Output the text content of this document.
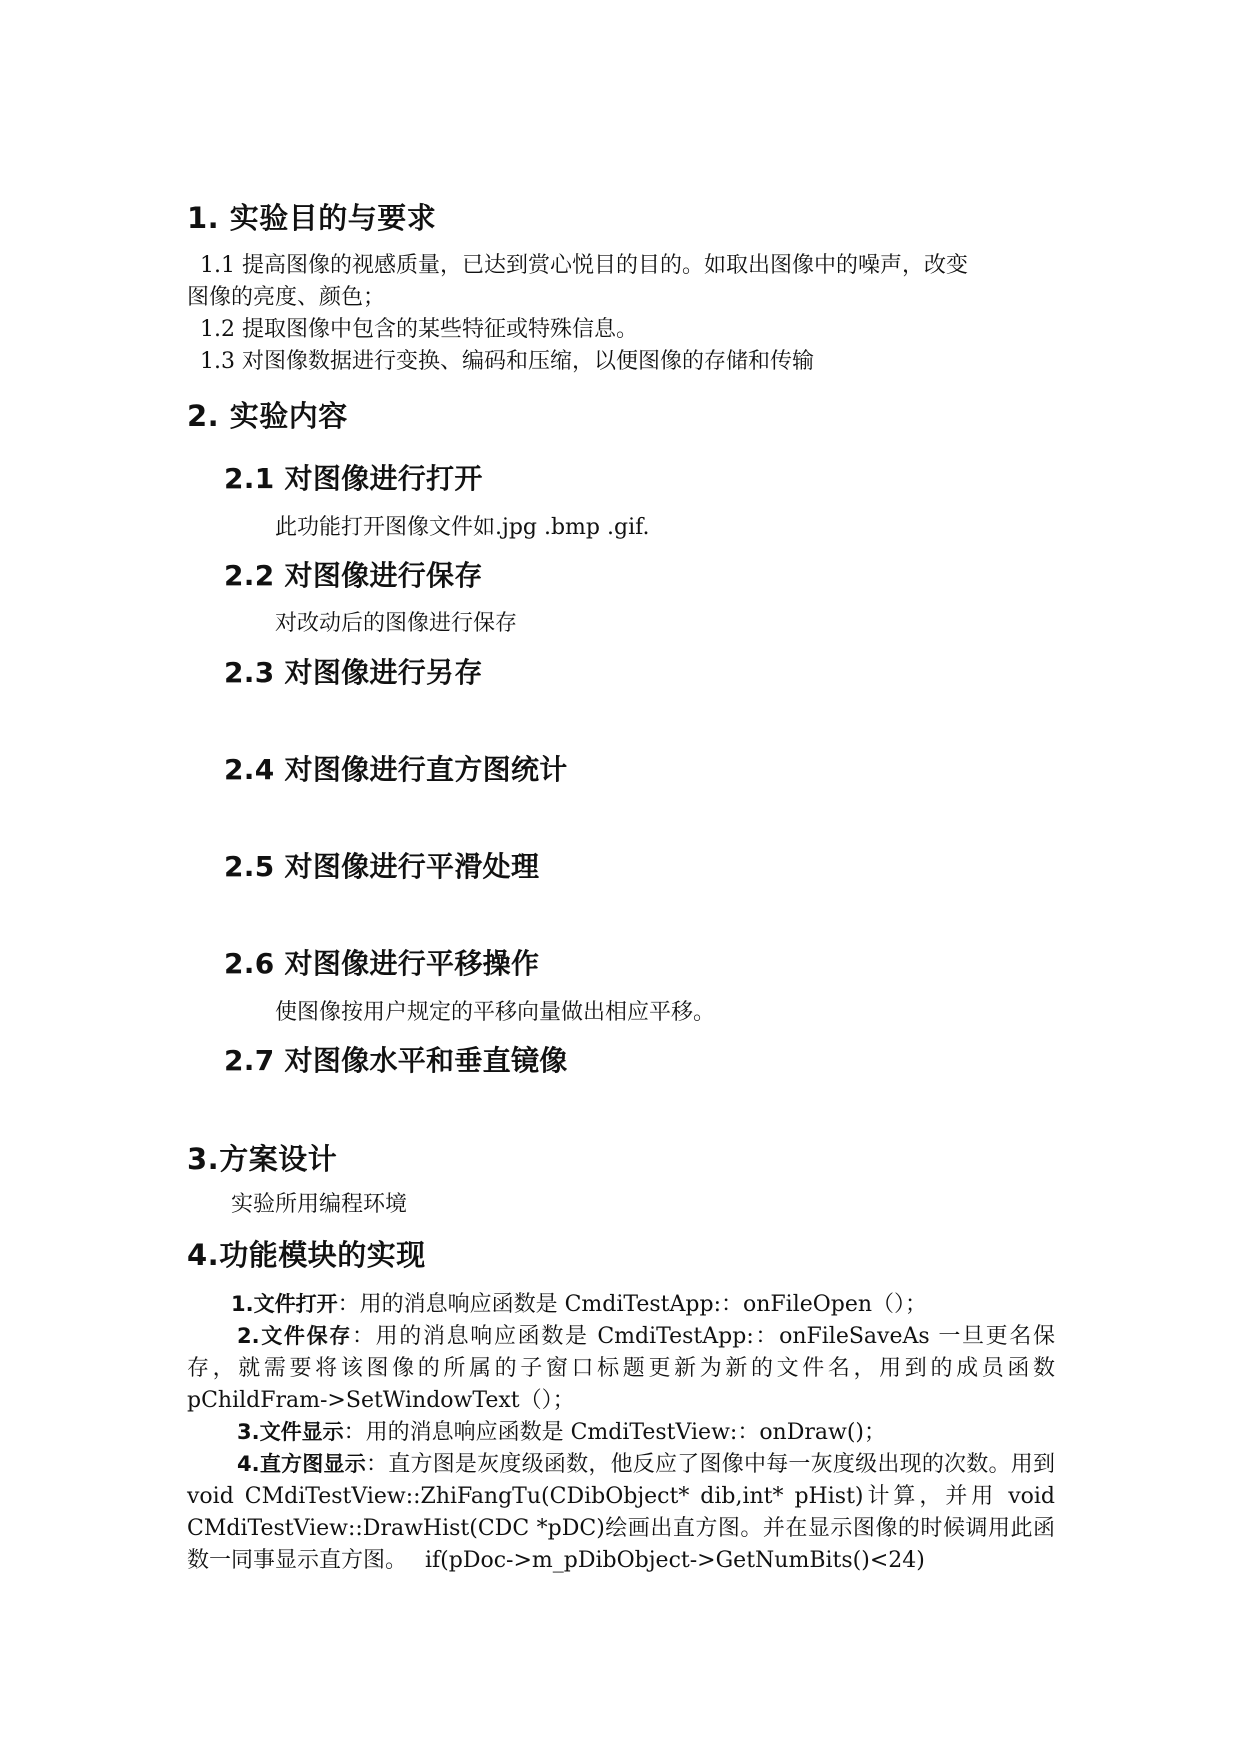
1. 实验目的与要求
1.1 提高图像的视感质量，已达到赏心悦目的目的。如取出图像中的噪声，改变
图像的亮度、颜色；
1.2 提取图像中包含的某些特征或特殊信息。
1.3 对图像数据进行变换、编码和压缩，以便图像的存储和传输
2. 实验内容
2.1 对图像进行打开
此功能打开图像文件如.jpg .bmp .gif.
2.2 对图像进行保存
对改动后的图像进行保存
2.3 对图像进行另存
2.4 对图像进行直方图统计
2.5 对图像进行平滑处理
2.6 对图像进行平移操作
使图像按用户规定的平移向量做出相应平移。
2.7 对图像水平和垂直镜像
3.方案设计
实验所用编程环境
4.功能模块的实现
1.文件打开：用的消息响应函数是 CmdiTestApp:：onFileOpen（）；
2.文件保存：用的消息响应函数是 CmdiTestApp:：onFileSaveAs 一旦更名保存，就需要将该图像的所属的子窗口标题更新为新的文件名，用到的成员函数 pChildFram->SetWindowText（）；
3.文件显示：用的消息响应函数是 CmdiTestView:：onDraw()；
4.直方图显示：直方图是灰度级函数，他反应了图像中每一灰度级出现的次数。用到 void CMdiTestView::ZhiFangTu(CDibObject* dib,int* pHist)计算，并用 void CMdiTestView::DrawHist(CDC *pDC)绘画出直方图。并在显示图像的时候调用此函数一同事显示直方图。　 if(pDoc->m_pDibObject->GetNumBits()<24)
